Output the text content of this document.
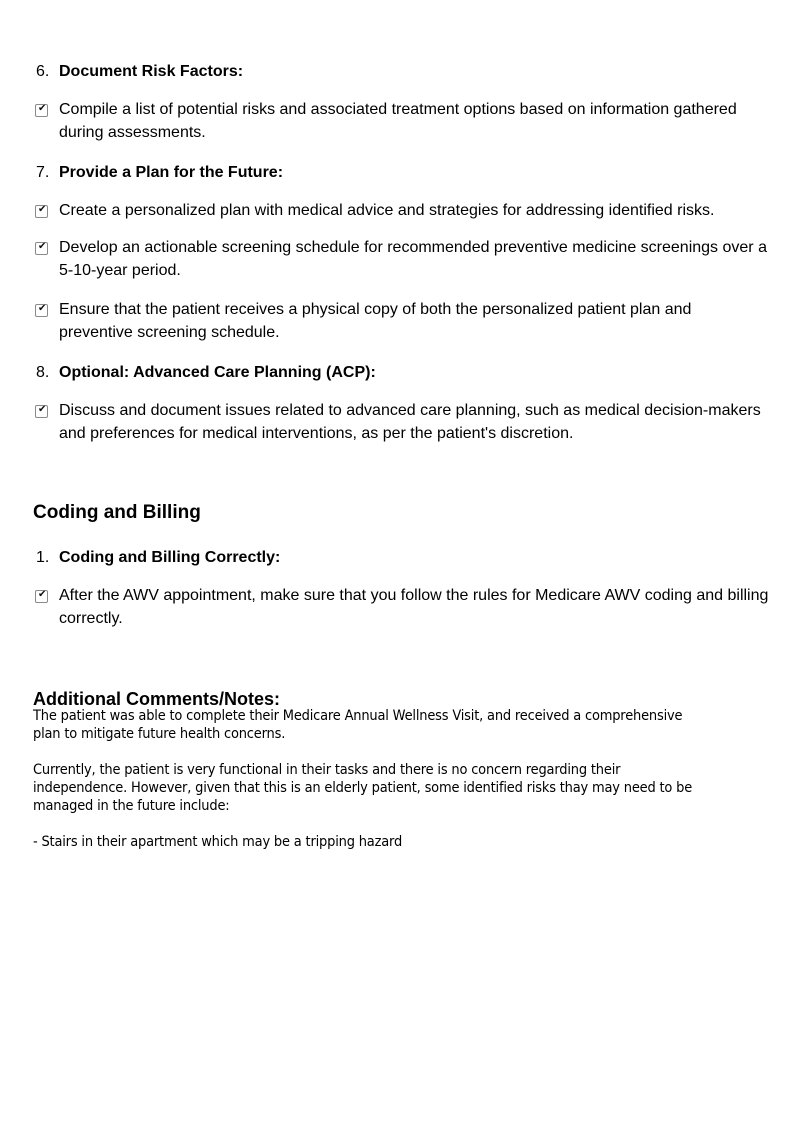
6. Document Risk Factors:
✔ Compile a list of potential risks and associated treatment options based on information gathered during assessments.
7. Provide a Plan for the Future:
✔ Create a personalized plan with medical advice and strategies for addressing identified risks.
✔ Develop an actionable screening schedule for recommended preventive medicine screenings over a 5-10-year period.
✔ Ensure that the patient receives a physical copy of both the personalized patient plan and preventive screening schedule.
8. Optional: Advanced Care Planning (ACP):
✔ Discuss and document issues related to advanced care planning, such as medical decision-makers and preferences for medical interventions, as per the patient's discretion.
Coding and Billing
1. Coding and Billing Correctly:
✔ After the AWV appointment, make sure that you follow the rules for Medicare AWV coding and billing correctly.
Additional Comments/Notes:
The patient was able to complete their Medicare Annual Wellness Visit, and received a comprehensive plan to mitigate future health concerns.
Currently, the patient is very functional in their tasks and there is no concern regarding their independence. However, given that this is an elderly patient, some identified risks thay may need to be managed in the future include:
- Stairs in their apartment which may be a tripping hazard
